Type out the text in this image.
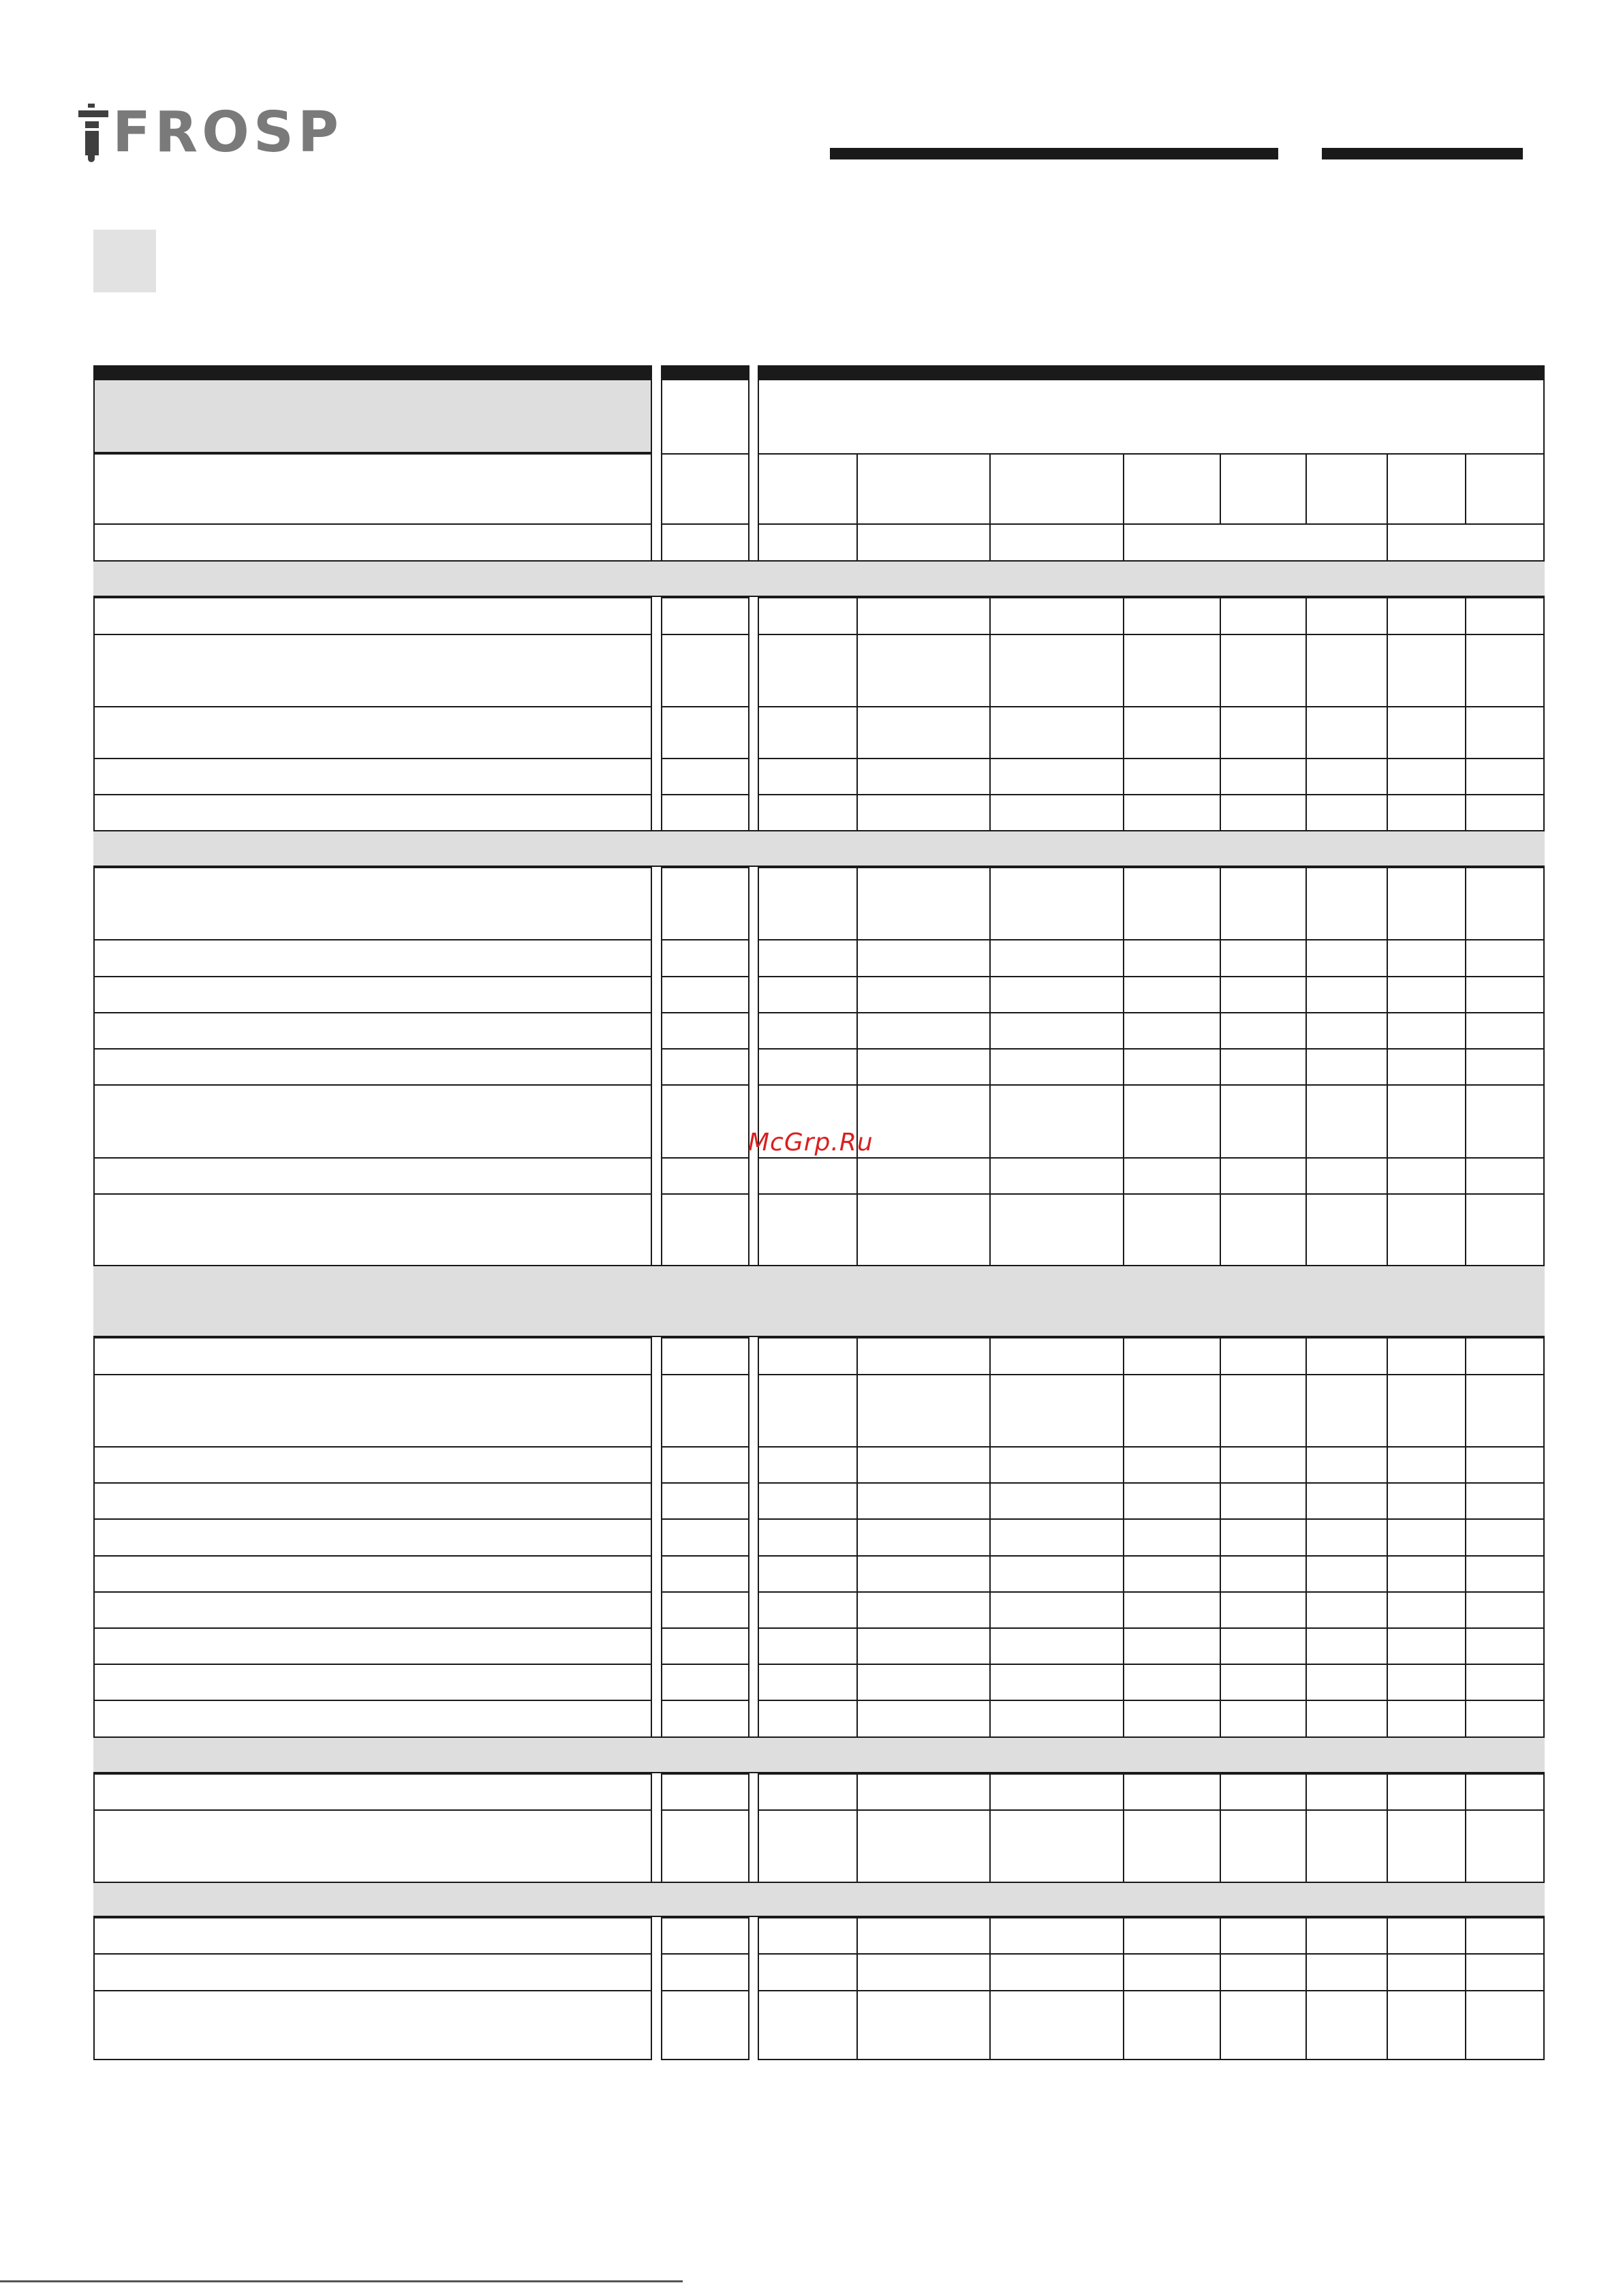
FROSP
McGrp.Ru
